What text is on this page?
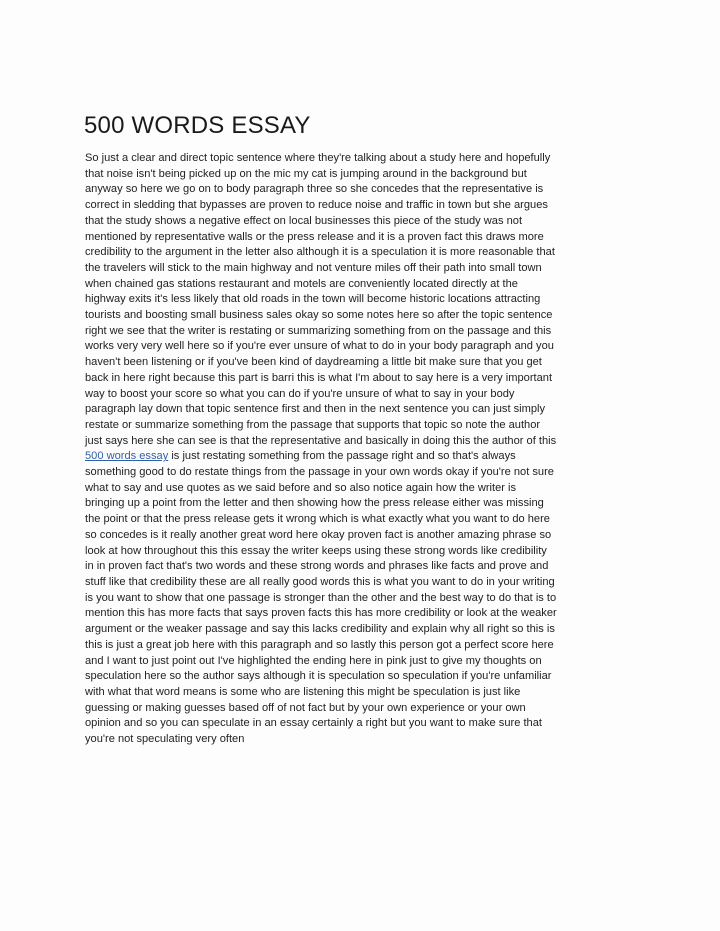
500 WORDS ESSAY
So just a clear and direct topic sentence where they're talking about a study here and hopefully
that noise isn't being picked up on the mic my cat is jumping around in the background but
anyway so here we go on to body paragraph three so she concedes that the representative is
correct in sledding that bypasses are proven to reduce noise and traffic in town but she argues
that the study shows a negative effect on local businesses this piece of the study was not
mentioned by representative walls or the press release and it is a proven fact this draws more
credibility to the argument in the letter also although it is a speculation it is more reasonable that
the travelers will stick to the main highway and not venture miles off their path into small town
when chained gas stations restaurant and motels are conveniently located directly at the
highway exits it's less likely that old roads in the town will become historic locations attracting
tourists and boosting small business sales okay so some notes here so after the topic sentence
right we see that the writer is restating or summarizing something from on the passage and this
works very very well here so if you're ever unsure of what to do in your body paragraph and you
haven't been listening or if you've been kind of daydreaming a little bit make sure that you get
back in here right because this part is barri this is what I'm about to say here is a very important
way to boost your score so what you can do if you're unsure of what to say in your body
paragraph lay down that topic sentence first and then in the next sentence you can just simply
restate or summarize something from the passage that supports that topic so note the author
just says here she can see is that the representative and basically in doing this the author of this
500 words essay is just restating something from the passage right and so that's always
something good to do restate things from the passage in your own words okay if you're not sure
what to say and use quotes as we said before and so also notice again how the writer is
bringing up a point from the letter and then showing how the press release either was missing
the point or that the press release gets it wrong which is what exactly what you want to do here
so concedes is it really another great word here okay proven fact is another amazing phrase so
look at how throughout this this essay the writer keeps using these strong words like credibility
in in proven fact that's two words and these strong words and phrases like facts and prove and
stuff like that credibility these are all really good words this is what you want to do in your writing
is you want to show that one passage is stronger than the other and the best way to do that is to
mention this has more facts that says proven facts this has more credibility or look at the weaker
argument or the weaker passage and say this lacks credibility and explain why all right so this is
this is just a great job here with this paragraph and so lastly this person got a perfect score here
and I want to just point out I've highlighted the ending here in pink just to give my thoughts on
speculation here so the author says although it is speculation so speculation if you're unfamiliar
with what that word means is some who are listening this might be speculation is just like
guessing or making guesses based off of not fact but by your own experience or your own
opinion and so you can speculate in an essay certainly a right but you want to make sure that
you're not speculating very often
